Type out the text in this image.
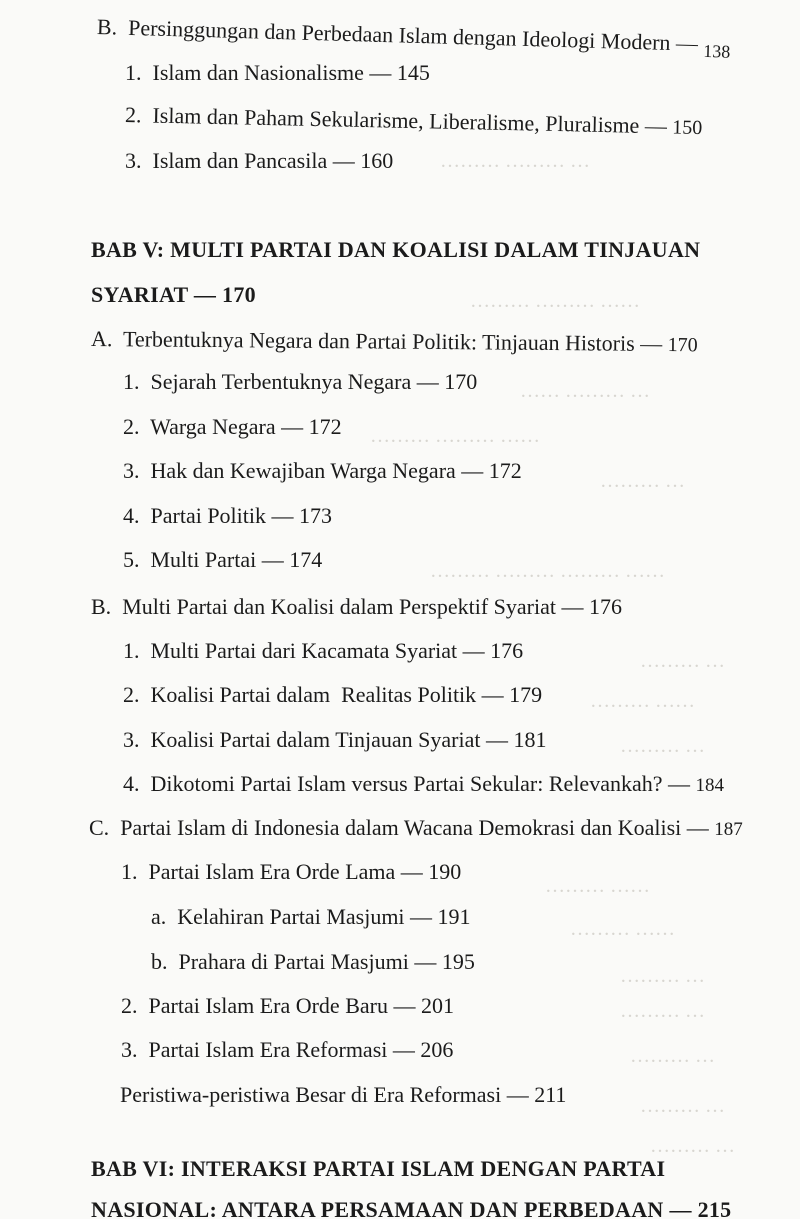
……… ……… …
……… ……… ……
…… ……… …
……… ……… ……
……… …
……… ……… ……… ……
……… …
……… ……
……… …
……… ……
……… ……
……… …
……… …
……… …
……… …
……… …
B. Persinggungan dan Perbedaan Islam dengan Ideologi Modern — $_{138}$
1. Islam dan Nasionalisme — 145
2. Islam dan Paham Sekularisme, Liberalisme, Pluralisme — 150
3. Islam dan Pancasila — 160
BAB V: MULTI PARTAI DAN KOALISI DALAM TINJAUAN
SYARIAT — 170
A. Terbentuknya Negara dan Partai Politik: Tinjauan Historis — 170
1. Sejarah Terbentuknya Negara — 170
2. Warga Negara — 172
3. Hak dan Kewajiban Warga Negara — 172
4. Partai Politik — 173
5. Multi Partai — 174
B. Multi Partai dan Koalisi dalam Perspektif Syariat — 176
1. Multi Partai dari Kacamata Syariat — 176
2. Koalisi Partai dalam  Realitas Politik — 179
3. Koalisi Partai dalam Tinjauan Syariat — 181
4. Dikotomi Partai Islam versus Partai Sekular: Relevankah? — 184
C. Partai Islam di Indonesia dalam Wacana Demokrasi dan Koalisi — 187
1. Partai Islam Era Orde Lama — 190
a. Kelahiran Partai Masjumi — 191
b. Prahara di Partai Masjumi — 195
2. Partai Islam Era Orde Baru — 201
3. Partai Islam Era Reformasi — 206
Peristiwa-peristiwa Besar di Era Reformasi — 211
BAB VI: INTERAKSI PARTAI ISLAM DENGAN PARTAI
NASIONAL: ANTARA PERSAMAAN DAN PERBEDAAN — 215
